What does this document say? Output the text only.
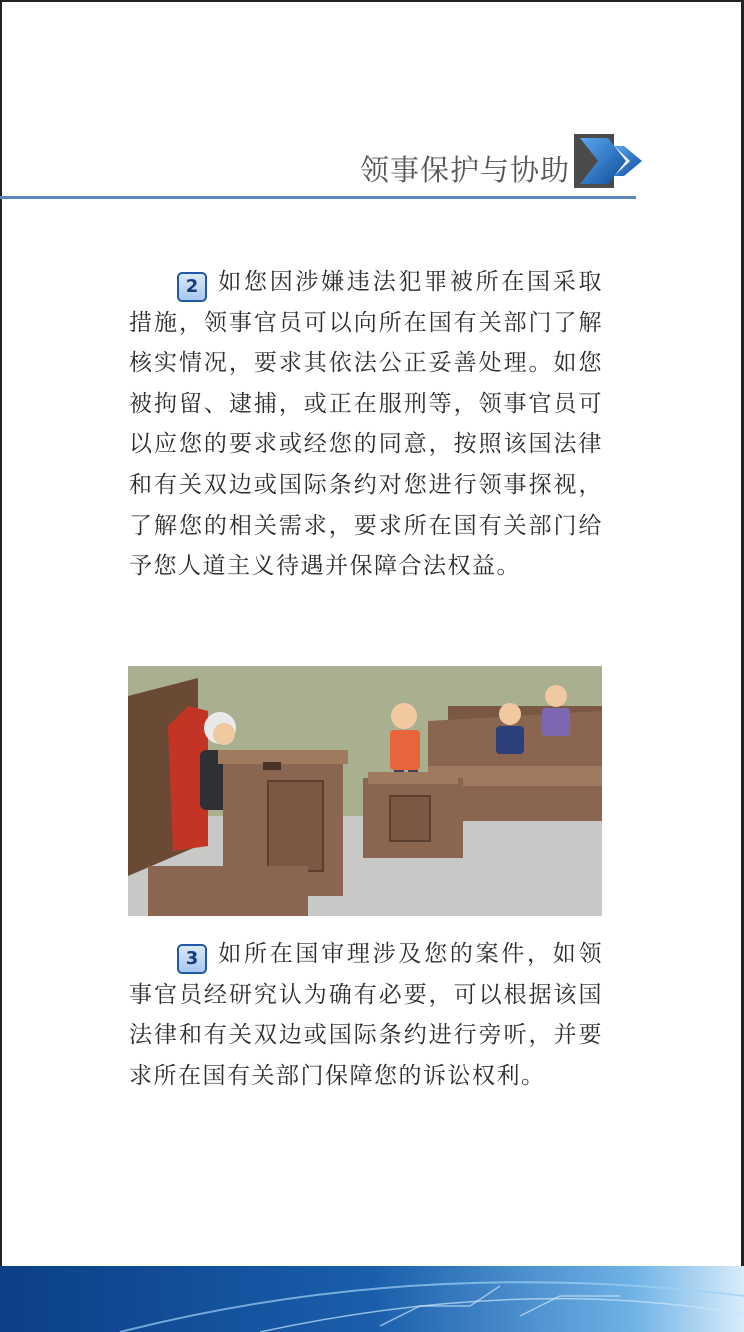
领事保护与协助

2 如您因涉嫌违法犯罪被所在国采取措施，领事官员可以向所在国有关部门了解核实情况，要求其依法公正妥善处理。如您被拘留、逮捕，或正在服刑等，领事官员可以应您的要求或经您的同意，按照该国法律和有关双边或国际条约对您进行领事探视，了解您的相关需求，要求所在国有关部门给予您人道主义待遇并保障合法权益。

3 如所在国审理涉及您的案件，如领事官员经研究认为确有必要，可以根据该国法律和有关双边或国际条约进行旁听，并要求所在国有关部门保障您的诉讼权利。
